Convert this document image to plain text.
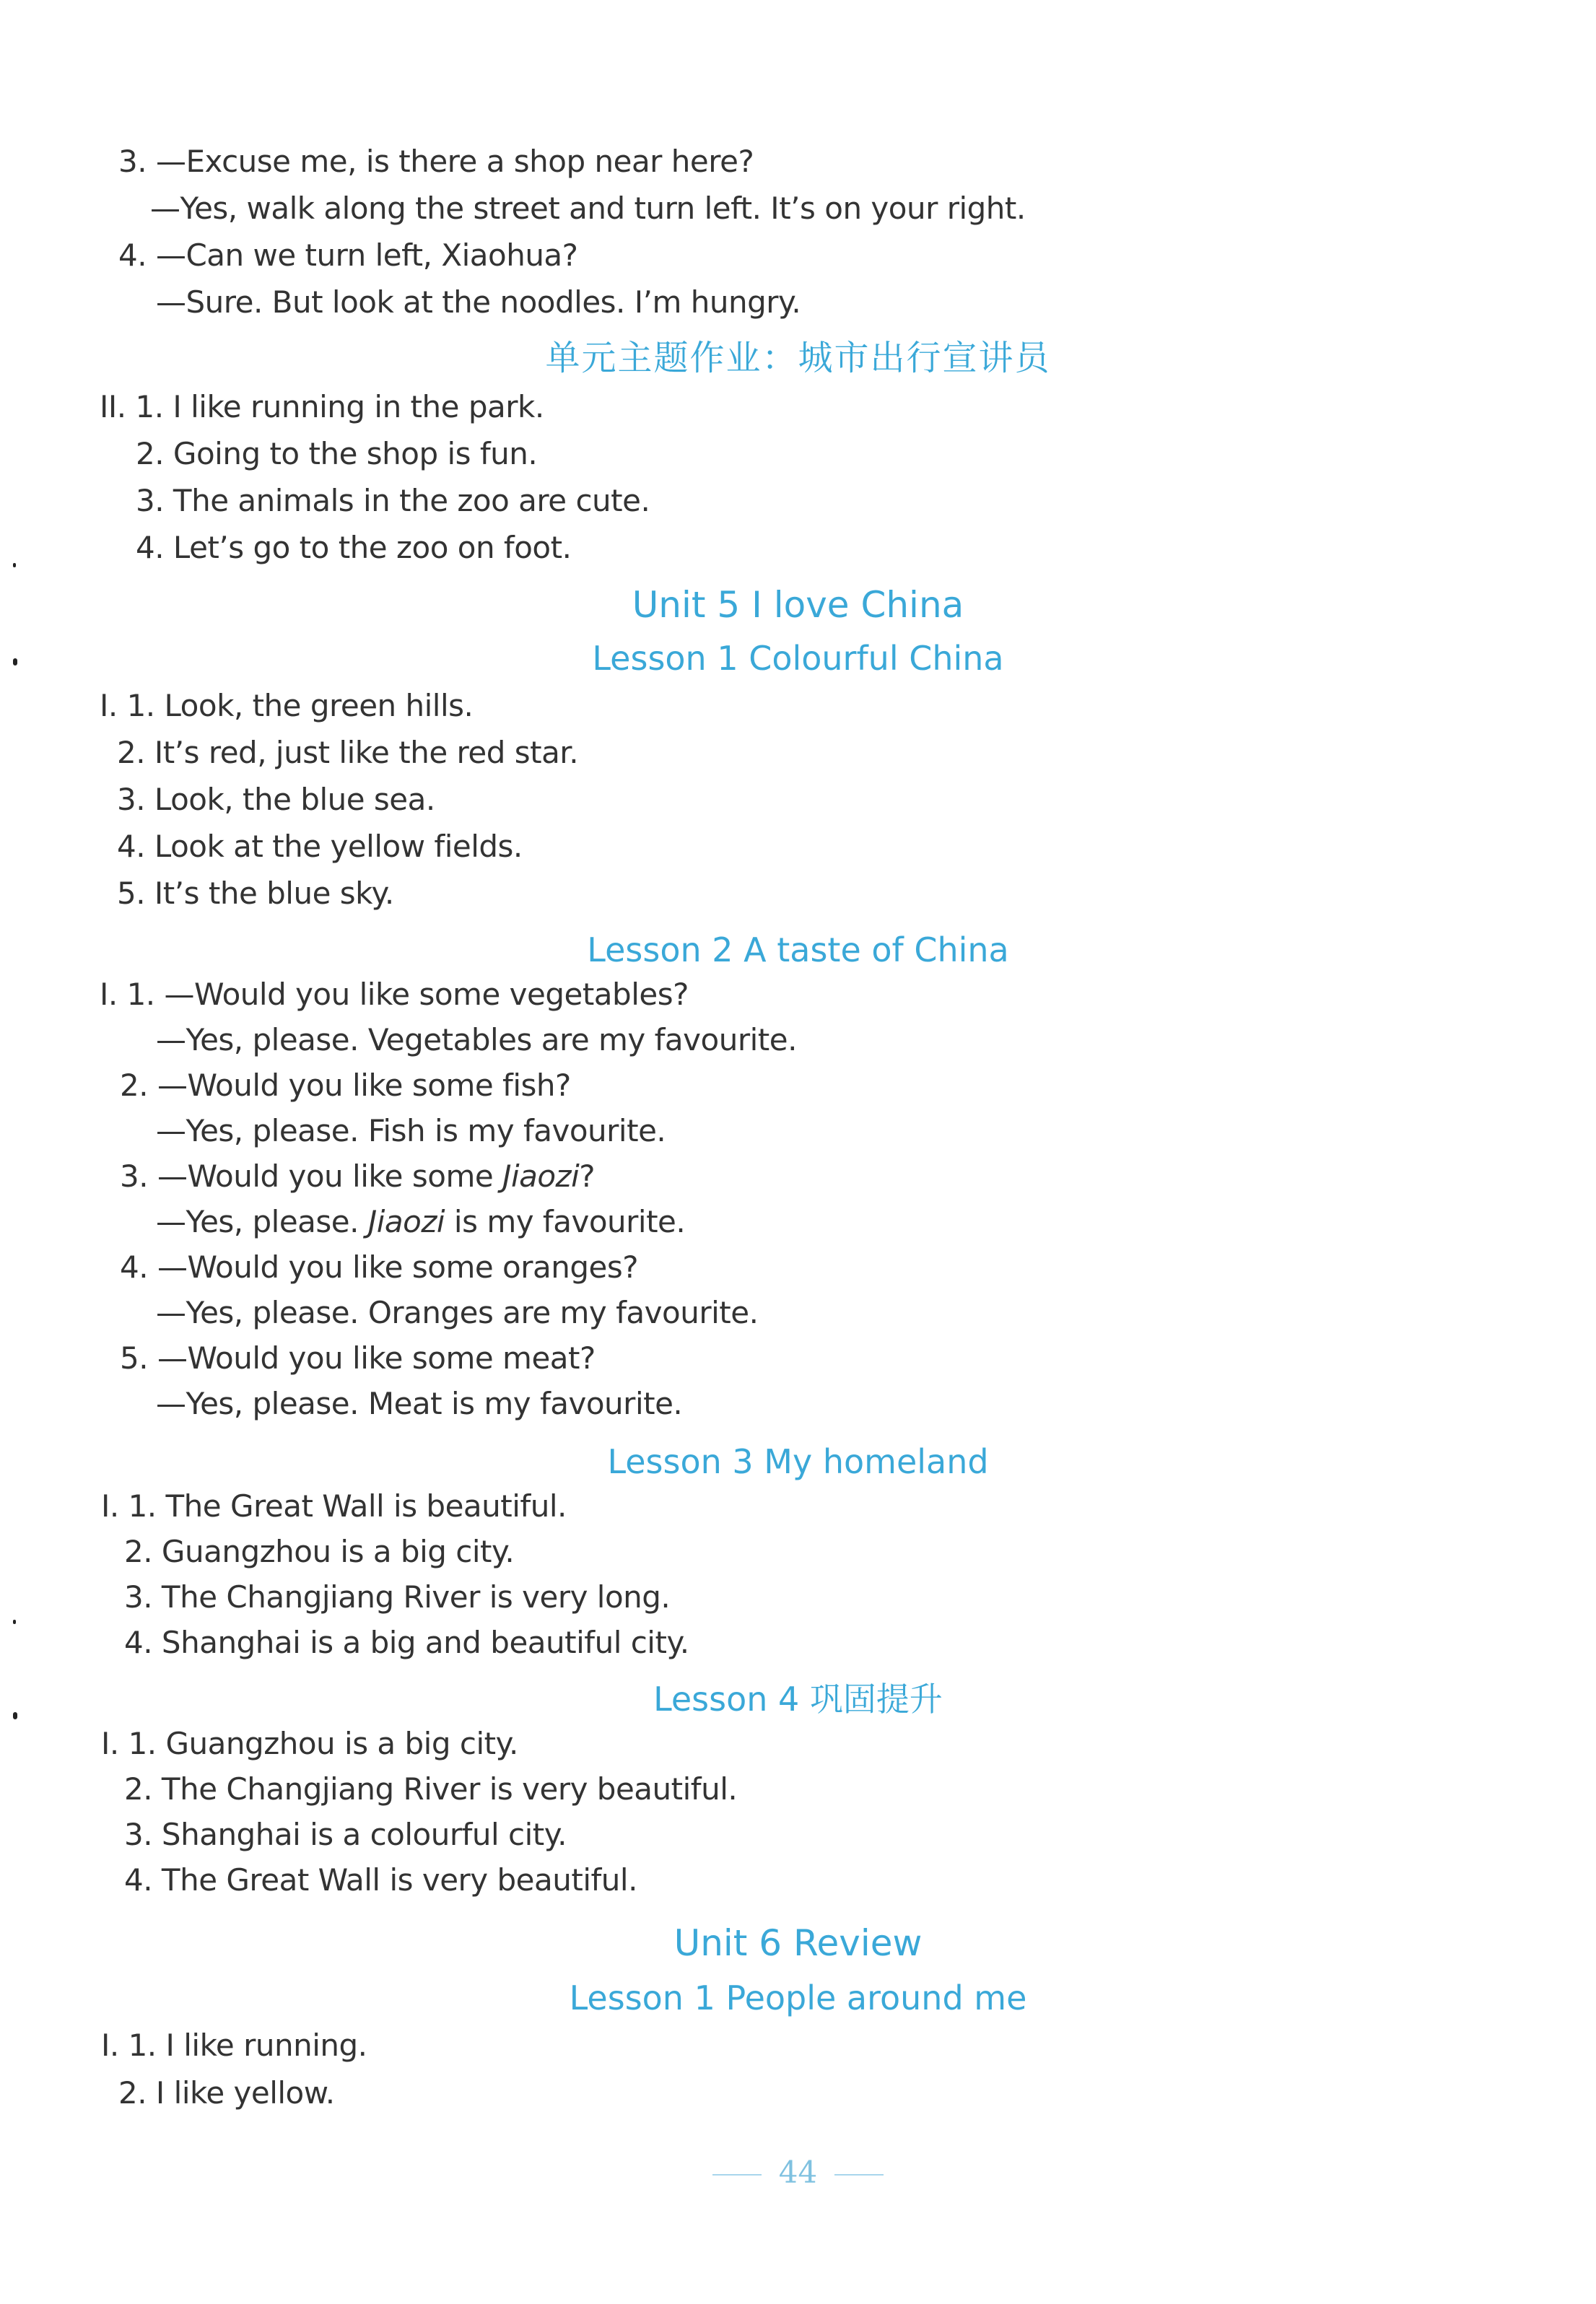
3. —Excuse me, is there a shop near here?
—Yes, walk along the street and turn left. It’s on your right.
4. —Can we turn left, Xiaohua?
—Sure. But look at the noodles. I’m hungry.
单元主题作业：城市出行宣讲员
II. 1. I like running in the park.
2. Going to the shop is fun.
3. The animals in the zoo are cute.
4. Let’s go to the zoo on foot.
Unit 5 I love China
Lesson 1 Colourful China
I. 1. Look, the green hills.
2. It’s red, just like the red star.
3. Look, the blue sea.
4. Look at the yellow fields.
5. It’s the blue sky.
Lesson 2 A taste of China
I. 1. —Would you like some vegetables?
—Yes, please. Vegetables are my favourite.
2. —Would you like some fish?
—Yes, please. Fish is my favourite.
3. —Would you like some Jiaozi?
—Yes, please. Jiaozi is my favourite.
4. —Would you like some oranges?
—Yes, please. Oranges are my favourite.
5. —Would you like some meat?
—Yes, please. Meat is my favourite.
Lesson 3 My homeland
I. 1. The Great Wall is beautiful.
2. Guangzhou is a big city.
3. The Changjiang River is very long.
4. Shanghai is a big and beautiful city.
Lesson 4 巩固提升
I. 1. Guangzhou is a big city.
2. The Changjiang River is very beautiful.
3. Shanghai is a colourful city.
4. The Great Wall is very beautiful.
Unit 6 Review
Lesson 1 People around me
I. 1. I like running.
2. I like yellow.
44
